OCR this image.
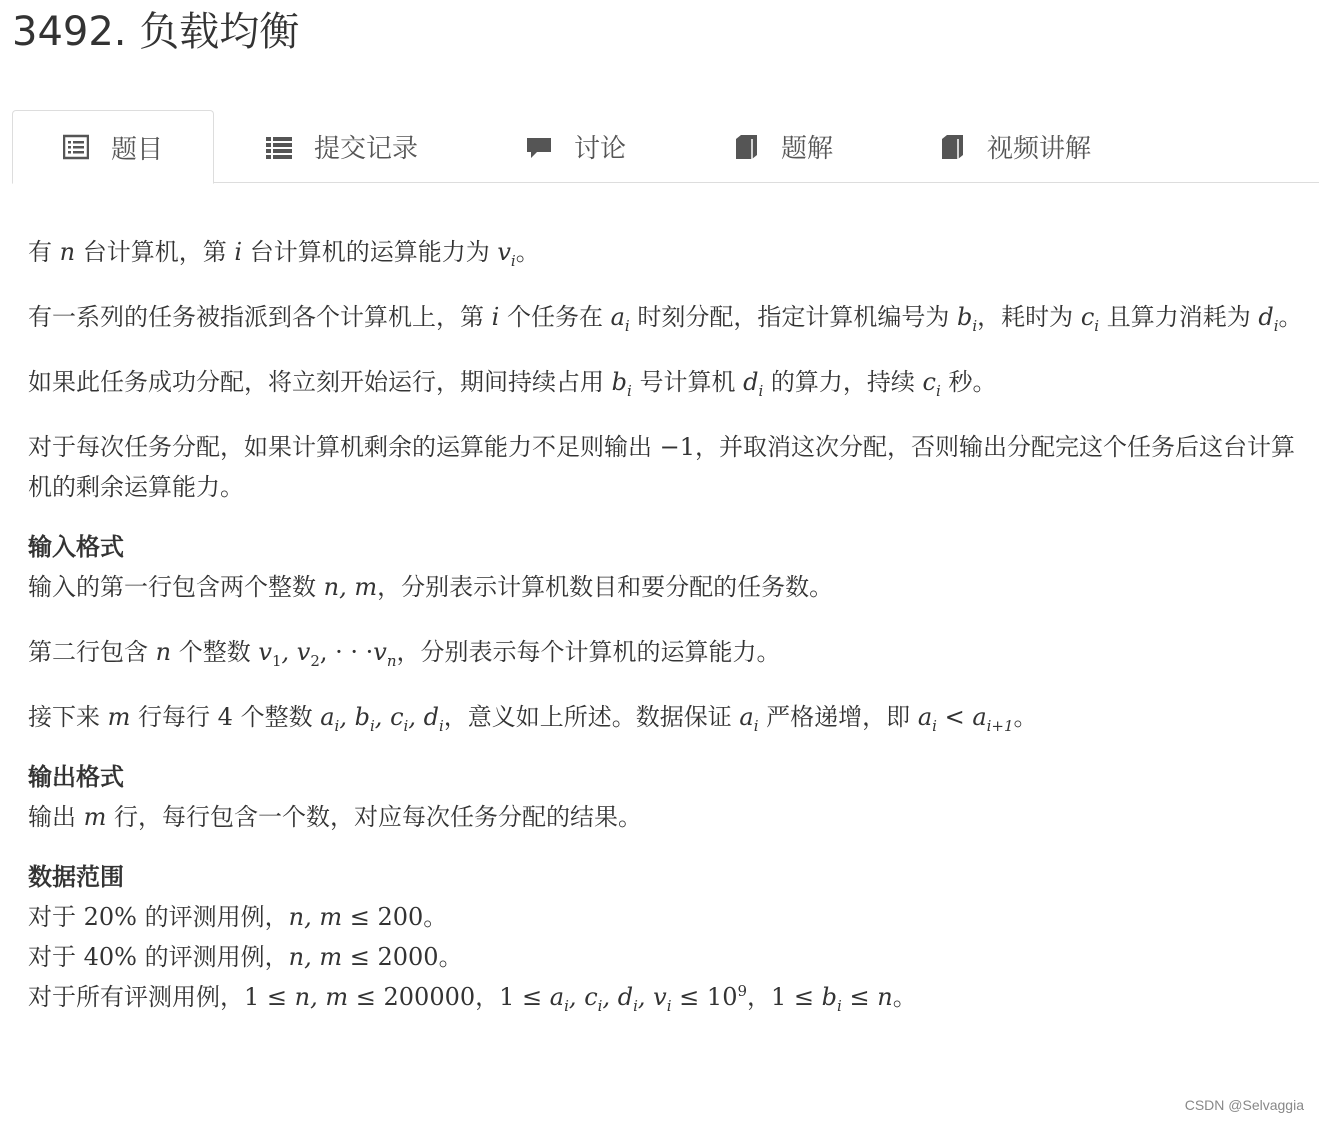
3492. 负载均衡
题目	提交记录	讨论	题解	视频讲解

有 n 台计算机，第 i 台计算机的运算能力为 $v_i$。

有一系列的任务被指派到各个计算机上，第 i 个任务在 $a_i$ 时刻分配，指定计算机编号为 $b_i$，耗时为 $c_i$ 且算力消耗为 $d_i$。

如果此任务成功分配，将立刻开始运行，期间持续占用 $b_i$ 号计算机 $d_i$ 的算力，持续 $c_i$ 秒。

对于每次任务分配，如果计算机剩余的运算能力不足则输出 −1，并取消这次分配，否则输出分配完这个任务后这台计算机的剩余运算能力。

输入格式

输入的第一行包含两个整数 n, m，分别表示计算机数目和要分配的任务数。

第二行包含 n 个整数 $v_1$, $v_2$, · · $\cdot v_n$，分别表示每个计算机的运算能力。

接下来 m 行每行 4 个整数 $a_i$, $b_i$, $c_i$, $d_i$，意义如上所述。数据保证 $a_i$ 严格递增，即 $a_i < a_{i+1}$。

输出格式

输出 m 行，每行包含一个数，对应每次任务分配的结果。

数据范围

对于 20% 的评测用例，n, m ≤ 200。
对于 40% 的评测用例，n, m ≤ 2000。
对于所有评测用例，1 ≤ n, m ≤ 200000，$1 \le a_i$, $c_i$, $d_i$, $v_i \le 10^9$，$1 \le b_i \le n$。
CSDN @Selvaggia
